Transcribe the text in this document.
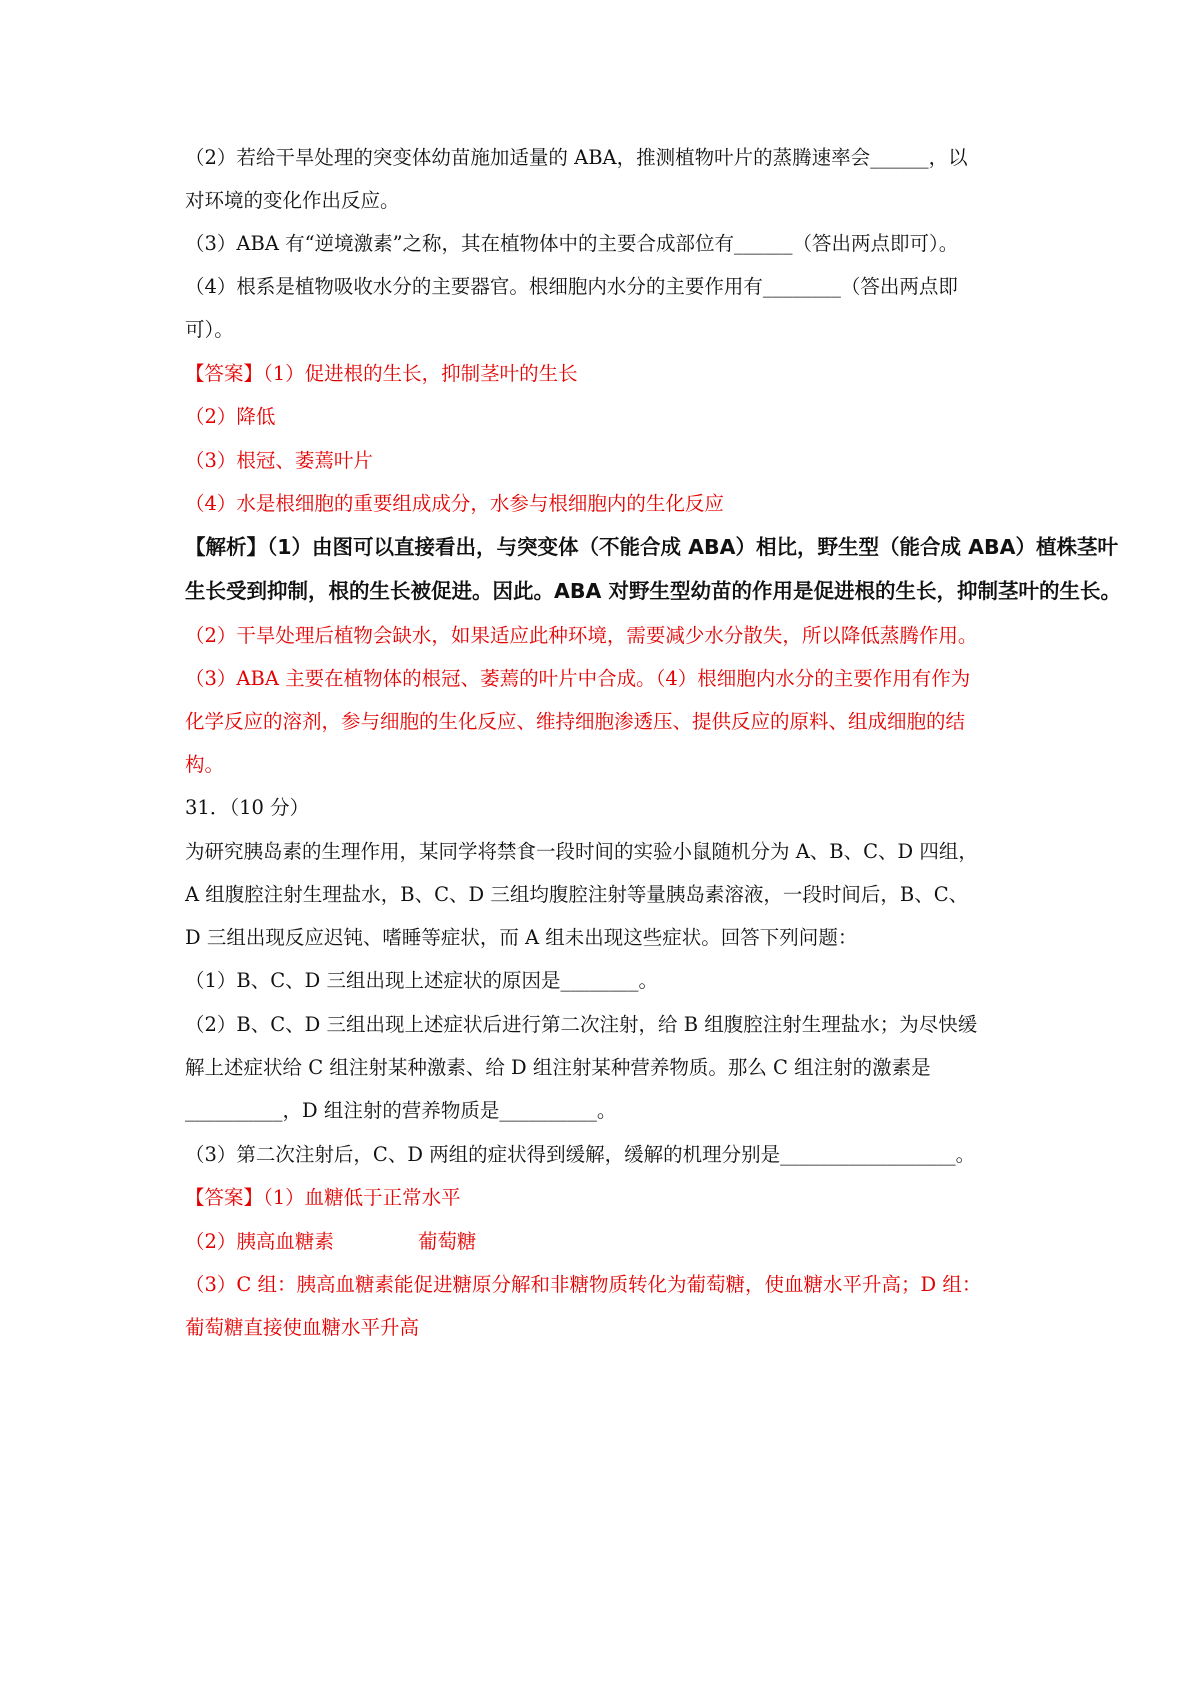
（2）若给干旱处理的突变体幼苗施加适量的 ABA，推测植物叶片的蒸腾速率会______，以

对环境的变化作出反应。

（3）ABA 有“逆境激素”之称，其在植物体中的主要合成部位有______（答出两点即可）。

（4）根系是植物吸收水分的主要器官。根细胞内水分的主要作用有________（答出两点即

可）。

【答案】（1）促进根的生长，抑制茎叶的生长

（2）降低

（3）根冠、萎蔫叶片

（4）水是根细胞的重要组成成分，水参与根细胞内的生化反应

【解析】（1）由图可以直接看出，与突变体（不能合成 ABA）相比，野生型（能合成 ABA）植株茎叶

生长受到抑制，根的生长被促进。因此。ABA 对野生型幼苗的作用是促进根的生长，抑制茎叶的生长。

（2）干旱处理后植物会缺水，如果适应此种环境，需要减少水分散失，所以降低蒸腾作用。

（3）ABA 主要在植物体的根冠、萎蔫的叶片中合成。（4）根细胞内水分的主要作用有作为

化学反应的溶剂，参与细胞的生化反应、维持细胞渗透压、提供反应的原料、组成细胞的结

构。

31．（10 分）

为研究胰岛素的生理作用，某同学将禁食一段时间的实验小鼠随机分为 A、B、C、D 四组，

A 组腹腔注射生理盐水，B、C、D 三组均腹腔注射等量胰岛素溶液，一段时间后，B、C、

D 三组出现反应迟钝、嗜睡等症状，而 A 组未出现这些症状。回答下列问题：

（1）B、C、D 三组出现上述症状的原因是________。

（2）B、C、D 三组出现上述症状后进行第二次注射，给 B 组腹腔注射生理盐水；为尽快缓

解上述症状给 C 组注射某种激素、给 D 组注射某种营养物质。那么 C 组注射的激素是

__________，D 组注射的营养物质是__________。

（3）第二次注射后，C、D 两组的症状得到缓解，缓解的机理分别是__________________。

【答案】（1）血糖低于正常水平

（2）胰高血糖素	葡萄糖

（3）C 组：胰高血糖素能促进糖原分解和非糖物质转化为葡萄糖，使血糖水平升高；D 组：

葡萄糖直接使血糖水平升高
